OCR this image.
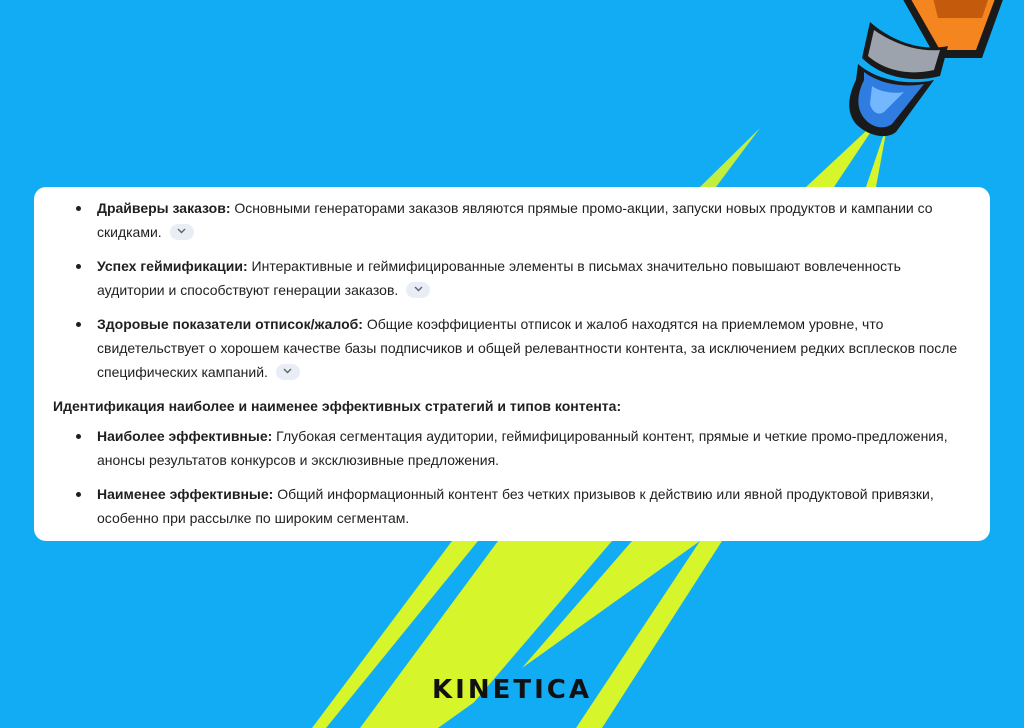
Драйверы заказов: Основными генераторами заказов являются прямые промо-акции, запуски новых продуктов и кампании со скидками.
Успех геймификации: Интерактивные и геймифицированные элементы в письмах значительно повышают вовлеченность аудитории и способствуют генерации заказов.
Здоровые показатели отписок/жалоб: Общие коэффициенты отписок и жалоб находятся на приемлемом уровне, что свидетельствует о хорошем качестве базы подписчиков и общей релевантности контента, за исключением редких всплесков после специфических кампаний.
Идентификация наиболее и наименее эффективных стратегий и типов контента:
Наиболее эффективные: Глубокая сегментация аудитории, геймифицированный контент, прямые и четкие промо-предложения, анонсы результатов конкурсов и эксклюзивные предложения.
Наименее эффективные: Общий информационный контент без четких призывов к действию или явной продуктовой привязки, особенно при рассылке по широким сегментам.
KINETICA
